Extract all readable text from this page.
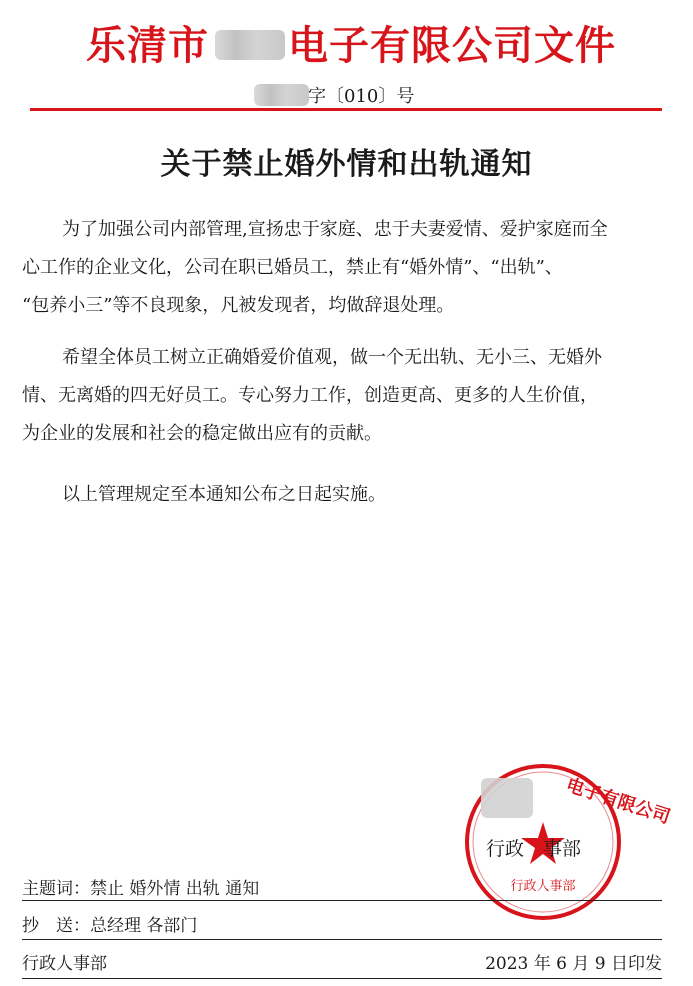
乐清市 电子有限公司文件
字〔010〕号
关于禁止婚外情和出轨通知
为了加强公司内部管理,宣扬忠于家庭、忠于夫妻爱情、爱护家庭而全
心工作的企业文化，公司在职已婚员工，禁止有“婚外情”、“出轨”、
“包养小三”等不良现象，凡被发现者，均做辞退处理。
希望全体员工树立正确婚爱价值观，做一个无出轨、无小三、无婚外
情、无离婚的四无好员工。专心努力工作，创造更高、更多的人生价值，
为企业的发展和社会的稳定做出应有的贡献。
以上管理规定至本通知公布之日起实施。
电子有限公司
行政人事部
行政　事部
主题词：禁止 婚外情 出轨 通知
抄　送：总经理 各部门
行政人事部	2023 年 6 月 9 日印发
